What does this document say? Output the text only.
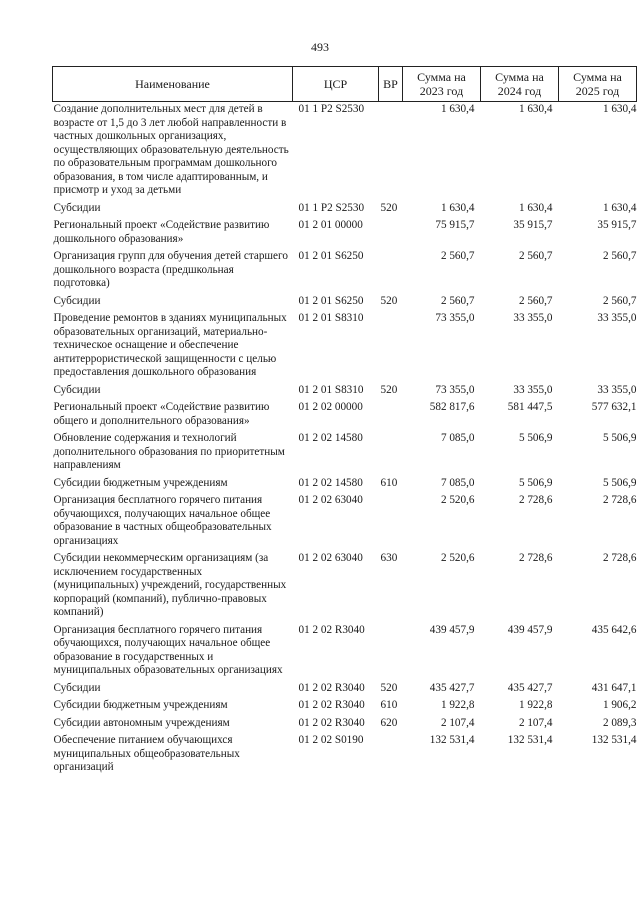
493
Наименование	ЦСР	ВР	Сумма на 2023 год	Сумма на 2024 год	Сумма на 2025 год
Создание дополнительных мест для детей в возрасте от 1,5 до 3 лет любой направленности в частных дошкольных организациях, осуществляющих образовательную деятельность по образовательным программам дошкольного образования, в том числе адаптированным, и присмотр и уход за детьми	01 1 P2 S2530		1 630,4	1 630,4	1 630,4
Субсидии	01 1 P2 S2530	520	1 630,4	1 630,4	1 630,4
Региональный проект «Содействие развитию дошкольного образования»	01 2 01 00000		75 915,7	35 915,7	35 915,7
Организация групп для обучения детей старшего дошкольного возраста (предшкольная подготовка)	01 2 01 S6250		2 560,7	2 560,7	2 560,7
Субсидии	01 2 01 S6250	520	2 560,7	2 560,7	2 560,7
Проведение ремонтов в зданиях муниципальных образовательных организаций, материально-техническое оснащение и обеспечение антитеррористической защищенности с целью предоставления дошкольного образования	01 2 01 S8310		73 355,0	33 355,0	33 355,0
Субсидии	01 2 01 S8310	520	73 355,0	33 355,0	33 355,0
Региональный проект «Содействие развитию общего и дополнительного образования»	01 2 02 00000		582 817,6	581 447,5	577 632,1
Обновление содержания и технологий дополнительного образования по приоритетным направлениям	01 2 02 14580		7 085,0	5 506,9	5 506,9
Субсидии бюджетным учреждениям	01 2 02 14580	610	7 085,0	5 506,9	5 506,9
Организация бесплатного горячего питания обучающихся, получающих начальное общее образование в частных общеобразовательных организациях	01 2 02 63040		2 520,6	2 728,6	2 728,6
Субсидии некоммерческим организациям (за исключением государственных (муниципальных) учреждений, государственных корпораций (компаний), публично-правовых компаний)	01 2 02 63040	630	2 520,6	2 728,6	2 728,6
Организация бесплатного горячего питания обучающихся, получающих начальное общее образование в государственных и муниципальных образовательных организациях	01 2 02 R3040		439 457,9	439 457,9	435 642,6
Субсидии	01 2 02 R3040	520	435 427,7	435 427,7	431 647,1
Субсидии бюджетным учреждениям	01 2 02 R3040	610	1 922,8	1 922,8	1 906,2
Субсидии автономным учреждениям	01 2 02 R3040	620	2 107,4	2 107,4	2 089,3
Обеспечение питанием обучающихся муниципальных общеобразовательных организаций	01 2 02 S0190		132 531,4	132 531,4	132 531,4
